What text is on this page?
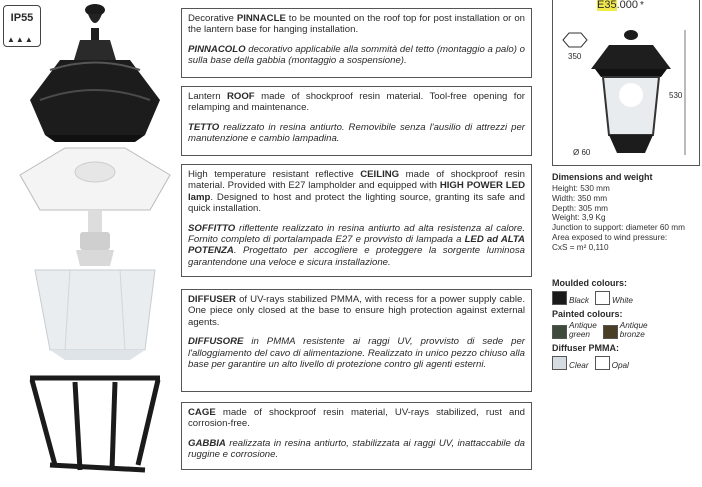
IP55
▲▲▲

Decorative PINNACLE to be mounted on the roof top for post installation or on the lantern base for hanging installation.

PINNACOLO decorativo applicabile alla sommità del tetto (montaggio a palo) o sulla base della gabbia (montaggio a sospensione).

Lantern ROOF made of shockproof resin material. Tool-free opening for relamping and maintenance.

TETTO realizzato in resina antiurto. Removibile senza l'ausilio di attrezzi per manutenzione e cambio lampadina.

High temperature resistant reflective CEILING made of shockproof resin material. Provided with E27 lampholder and equipped with HIGH POWER LED lamp. Designed to host and protect the lighting source, granting its safe and quick installation.

SOFFITTO riflettente realizzato in resina antiurto ad alta resistenza al calore. Fornito completo di portalampada E27 e provvisto di lampada a LED ad ALTA POTENZA. Progettato per accogliere e proteggere la sorgente luminosa garantendone una veloce e sicura installazione.

DIFFUSER of UV-rays stabilized PMMA, with recess for a power supply cable. One piece only closed at the base to ensure high protection against external agents.

DIFFUSORE in PMMA resistente ai raggi UV, provvisto di sede per l'alloggiamento del cavo di alimentazione. Realizzato in unico pezzo chiuso alla base per garantire un alto livello di protezione contro gli agenti esterni.

CAGE made of shockproof resin material, UV-rays stabilized, rust and corrosion-free.

GABBIA realizzata in resina antiurto, stabilizzata ai raggi UV, inattaccabile da ruggine e corrosione.

E35.000 *
350
530
Ø 60
Dimensions and weight
Height: 530 mm
Width: 350 mm
Depth: 305 mm
Weight: 3,9 Kg
Junction to support: diameter 60 mm
Area exposed to wind pressure:
CxS = m² 0,110
Moulded colours:
Black	White
Painted colours:
Antique
green
Antique
bronze
Diffuser PMMA:
Clear	Opal
